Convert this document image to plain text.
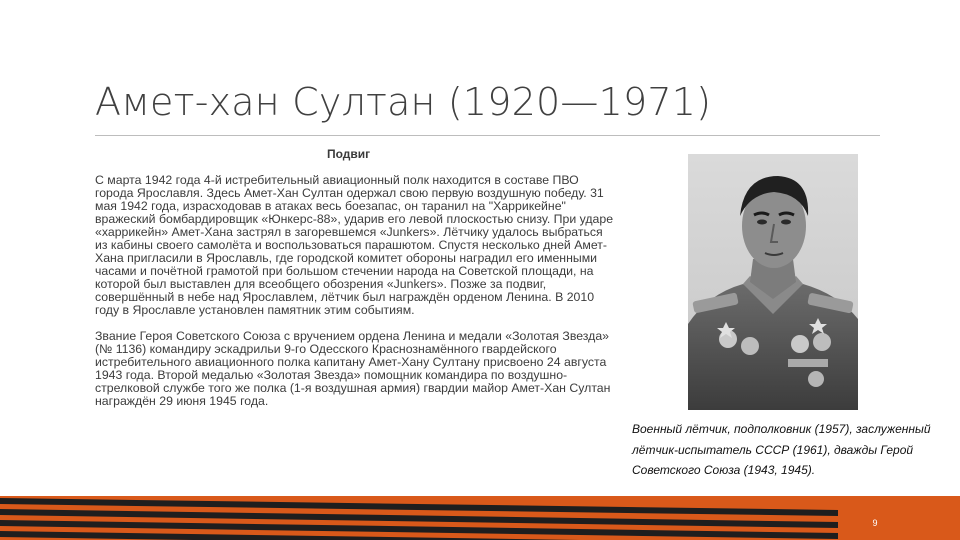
Амет-хан Султан (1920—1971)
Подвиг

С марта 1942 года 4-й истребительный авиационный полк находится в составе ПВО города Ярославля. Здесь Амет-Хан Султан одержал свою первую воздушную победу. 31 мая 1942 года, израсходовав в атаках весь боезапас, он таранил на "Харрикейне" вражеский бомбардировщик «Юнкерс-88», ударив его левой плоскостью снизу. При ударе «харрикейн» Амет-Хана застрял в загоревшемся «Junkers». Лётчику удалось выбраться из кабины своего самолёта и воспользоваться парашютом. Спустя несколько дней Амет-Хана пригласили в Ярославль, где городской комитет обороны наградил его именными часами и почётной грамотой при большом стечении народа на Советской площади, на которой был выставлен для всеобщего обозрения «Junkers». Позже за подвиг, совершённый в небе над Ярославлем, лётчик был награждён орденом Ленина. В 2010 году в Ярославле установлен памятник этим событиям.

Звание Героя Советского Союза с вручением ордена Ленина и медали «Золотая Звезда» (№ 1136) командиру эскадрильи 9-го Одесского Краснознамённого гвардейского истребительного авиационного полка капитану Амет-Хану Султану присвоено 24 августа 1943 года. Второй медалью «Золотая Звезда» помощник командира по воздушно-стрелковой службе того же полка (1-я воздушная армия) гвардии майор Амет-Хан Султан награждён 29 июня 1945 года.

Военный лётчик, подполковник (1957), заслуженный лётчик-испытатель СССР (1961), дважды Герой Советского Союза (1943, 1945).
9
